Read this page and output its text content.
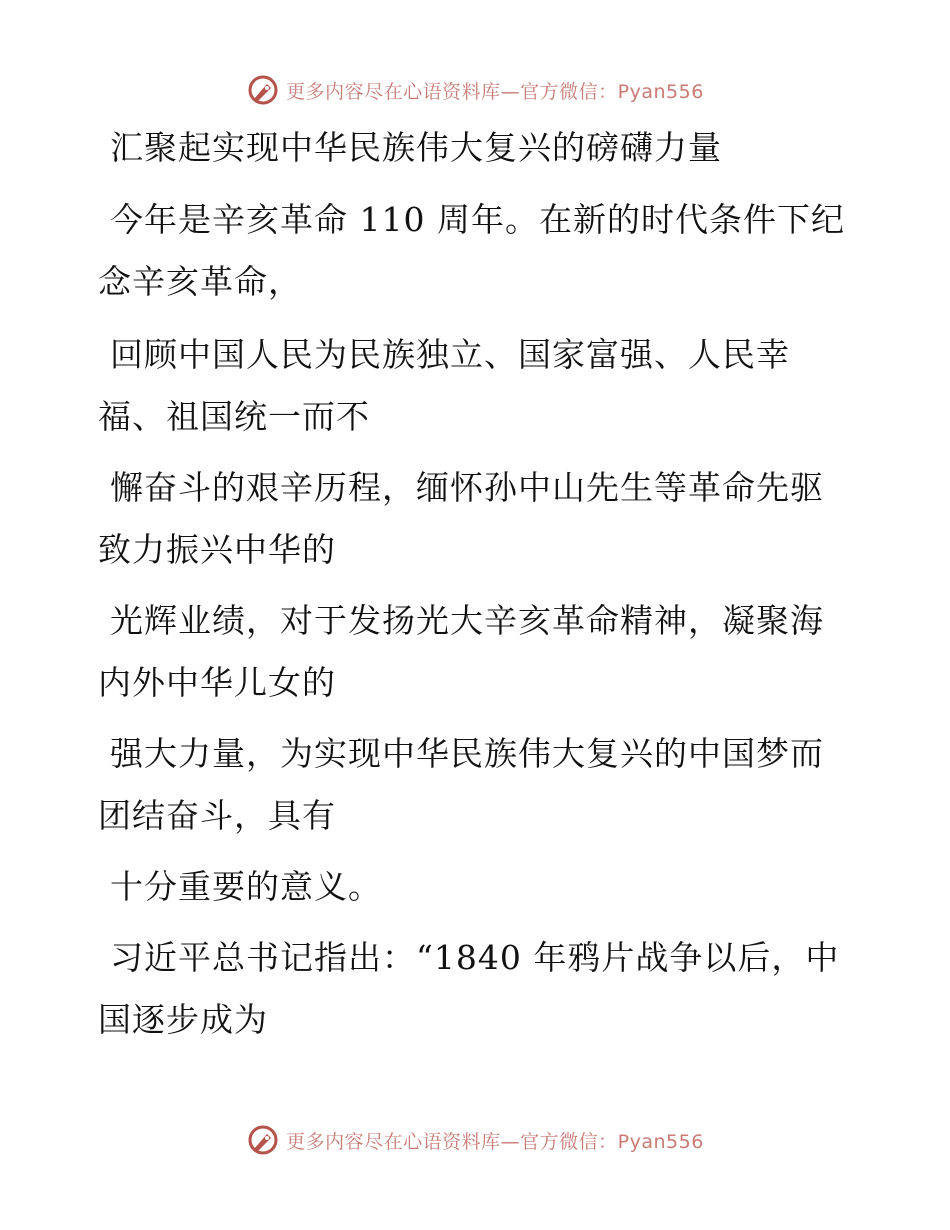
更多内容尽在心语资料库—官方微信：Pyan556
汇聚起实现中华民族伟大复兴的磅礴力量
今年是辛亥革命 110 周年。在新的时代条件下纪
念辛亥革命，
回顾中国人民为民族独立、国家富强、人民幸
福、祖国统一而不
懈奋斗的艰辛历程，缅怀孙中山先生等革命先驱
致力振兴中华的
光辉业绩，对于发扬光大辛亥革命精神，凝聚海
内外中华儿女的
强大力量，为实现中华民族伟大复兴的中国梦而
团结奋斗，具有
十分重要的意义。
习近平总书记指出：“1840 年鸦片战争以后，中
国逐步成为
更多内容尽在心语资料库—官方微信：Pyan556
